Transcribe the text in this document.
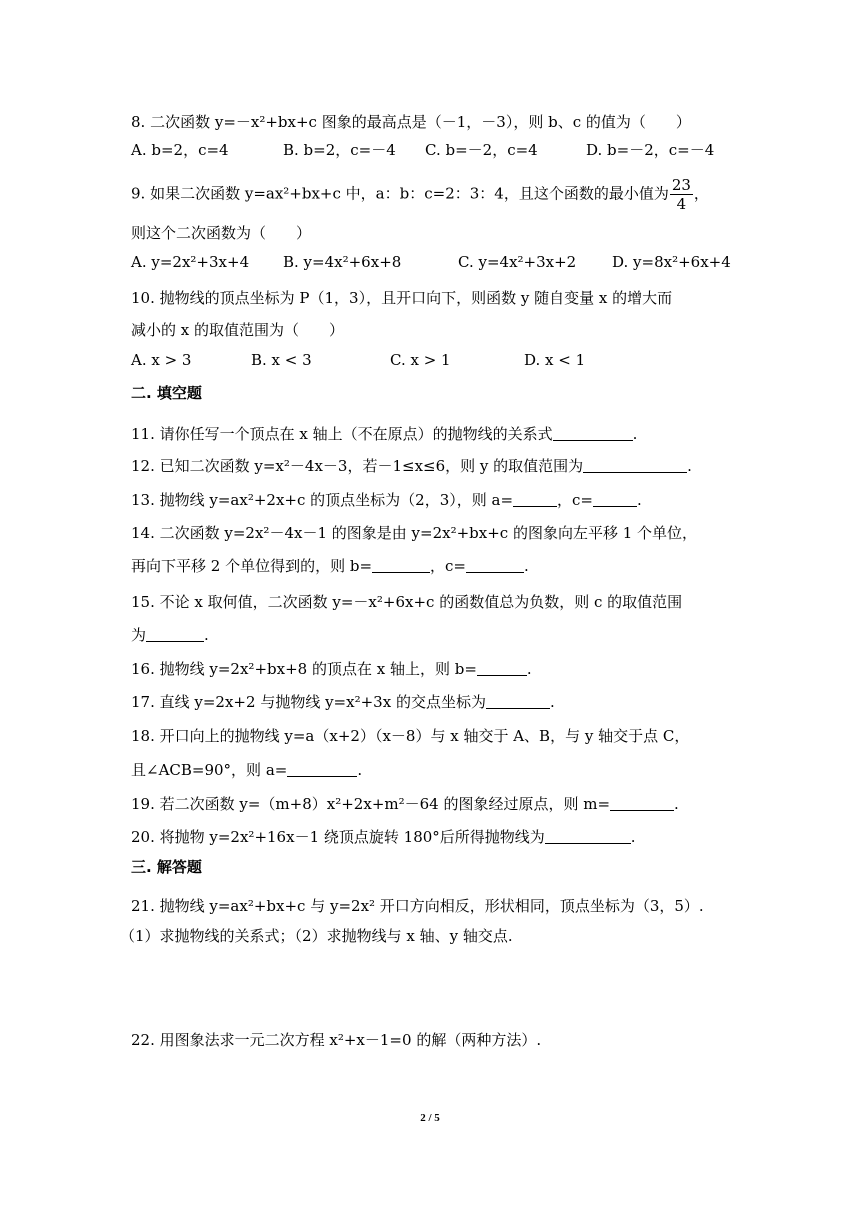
8. 二次函数 y=－x²+bx+c 图象的最高点是（－1，－3），则 b、c 的值为（　　）
A. b=2，c=4	B. b=2，c=－4 C. b=－2，c=4	D. b=－2，c=－4
9. 如果二次函数 y=ax²+bx+c 中，a：b：c=2：3：4，且这个函数的最小值为 $\frac{23}{4}$ ，
则这个二次函数为（　　）
A. y=2x²+3x+4 B. y=4x²+6x+8	C. y=4x²+3x+2 D. y=8x²+6x+4
10. 抛物线的顶点坐标为 P（1，3），且开口向下，则函数 y 随自变量 x 的增大而
减小的 x 的取值范围为（　　）
A. x > 3	B. x < 3	C. x > 1	D. x < 1
二. 填空题
11. 请你任写一个顶点在 x 轴上（不在原点）的抛物线的关系式	.
12. 已知二次函数 y=x²－4x－3，若－1≤x≤6，则 y 的取值范围为	.
13. 抛物线 y=ax²+2x+c 的顶点坐标为（2，3），则 a=	，c=	.
14. 二次函数 y=2x²－4x－1 的图象是由 y=2x²+bx+c 的图象向左平移 1 个单位，
再向下平移 2 个单位得到的，则 b=	，c=	.
15. 不论 x 取何值，二次函数 y=－x²+6x+c 的函数值总为负数，则 c 的取值范围
为	.
16. 抛物线 y=2x²+bx+8 的顶点在 x 轴上，则 b=	.
17. 直线 y=2x+2 与抛物线 y=x²+3x 的交点坐标为	.
18. 开口向上的抛物线 y=a（x+2）（x－8）与 x 轴交于 A、B，与 y 轴交于点 C，
且∠ACB=90°，则 a=	.
19. 若二次函数 y=（m+8）x²+2x+m²－64 的图象经过原点，则 m=	.
20. 将抛物 y=2x²+16x－1 绕顶点旋转 180°后所得抛物线为	.
三. 解答题
21. 抛物线 y=ax²+bx+c 与 y=2x² 开口方向相反，形状相同，顶点坐标为（3，5）.
（1）求抛物线的关系式；（2）求抛物线与 x 轴、y 轴交点.
22. 用图象法求一元二次方程 x²+x－1=0 的解（两种方法）.
2 / 5
